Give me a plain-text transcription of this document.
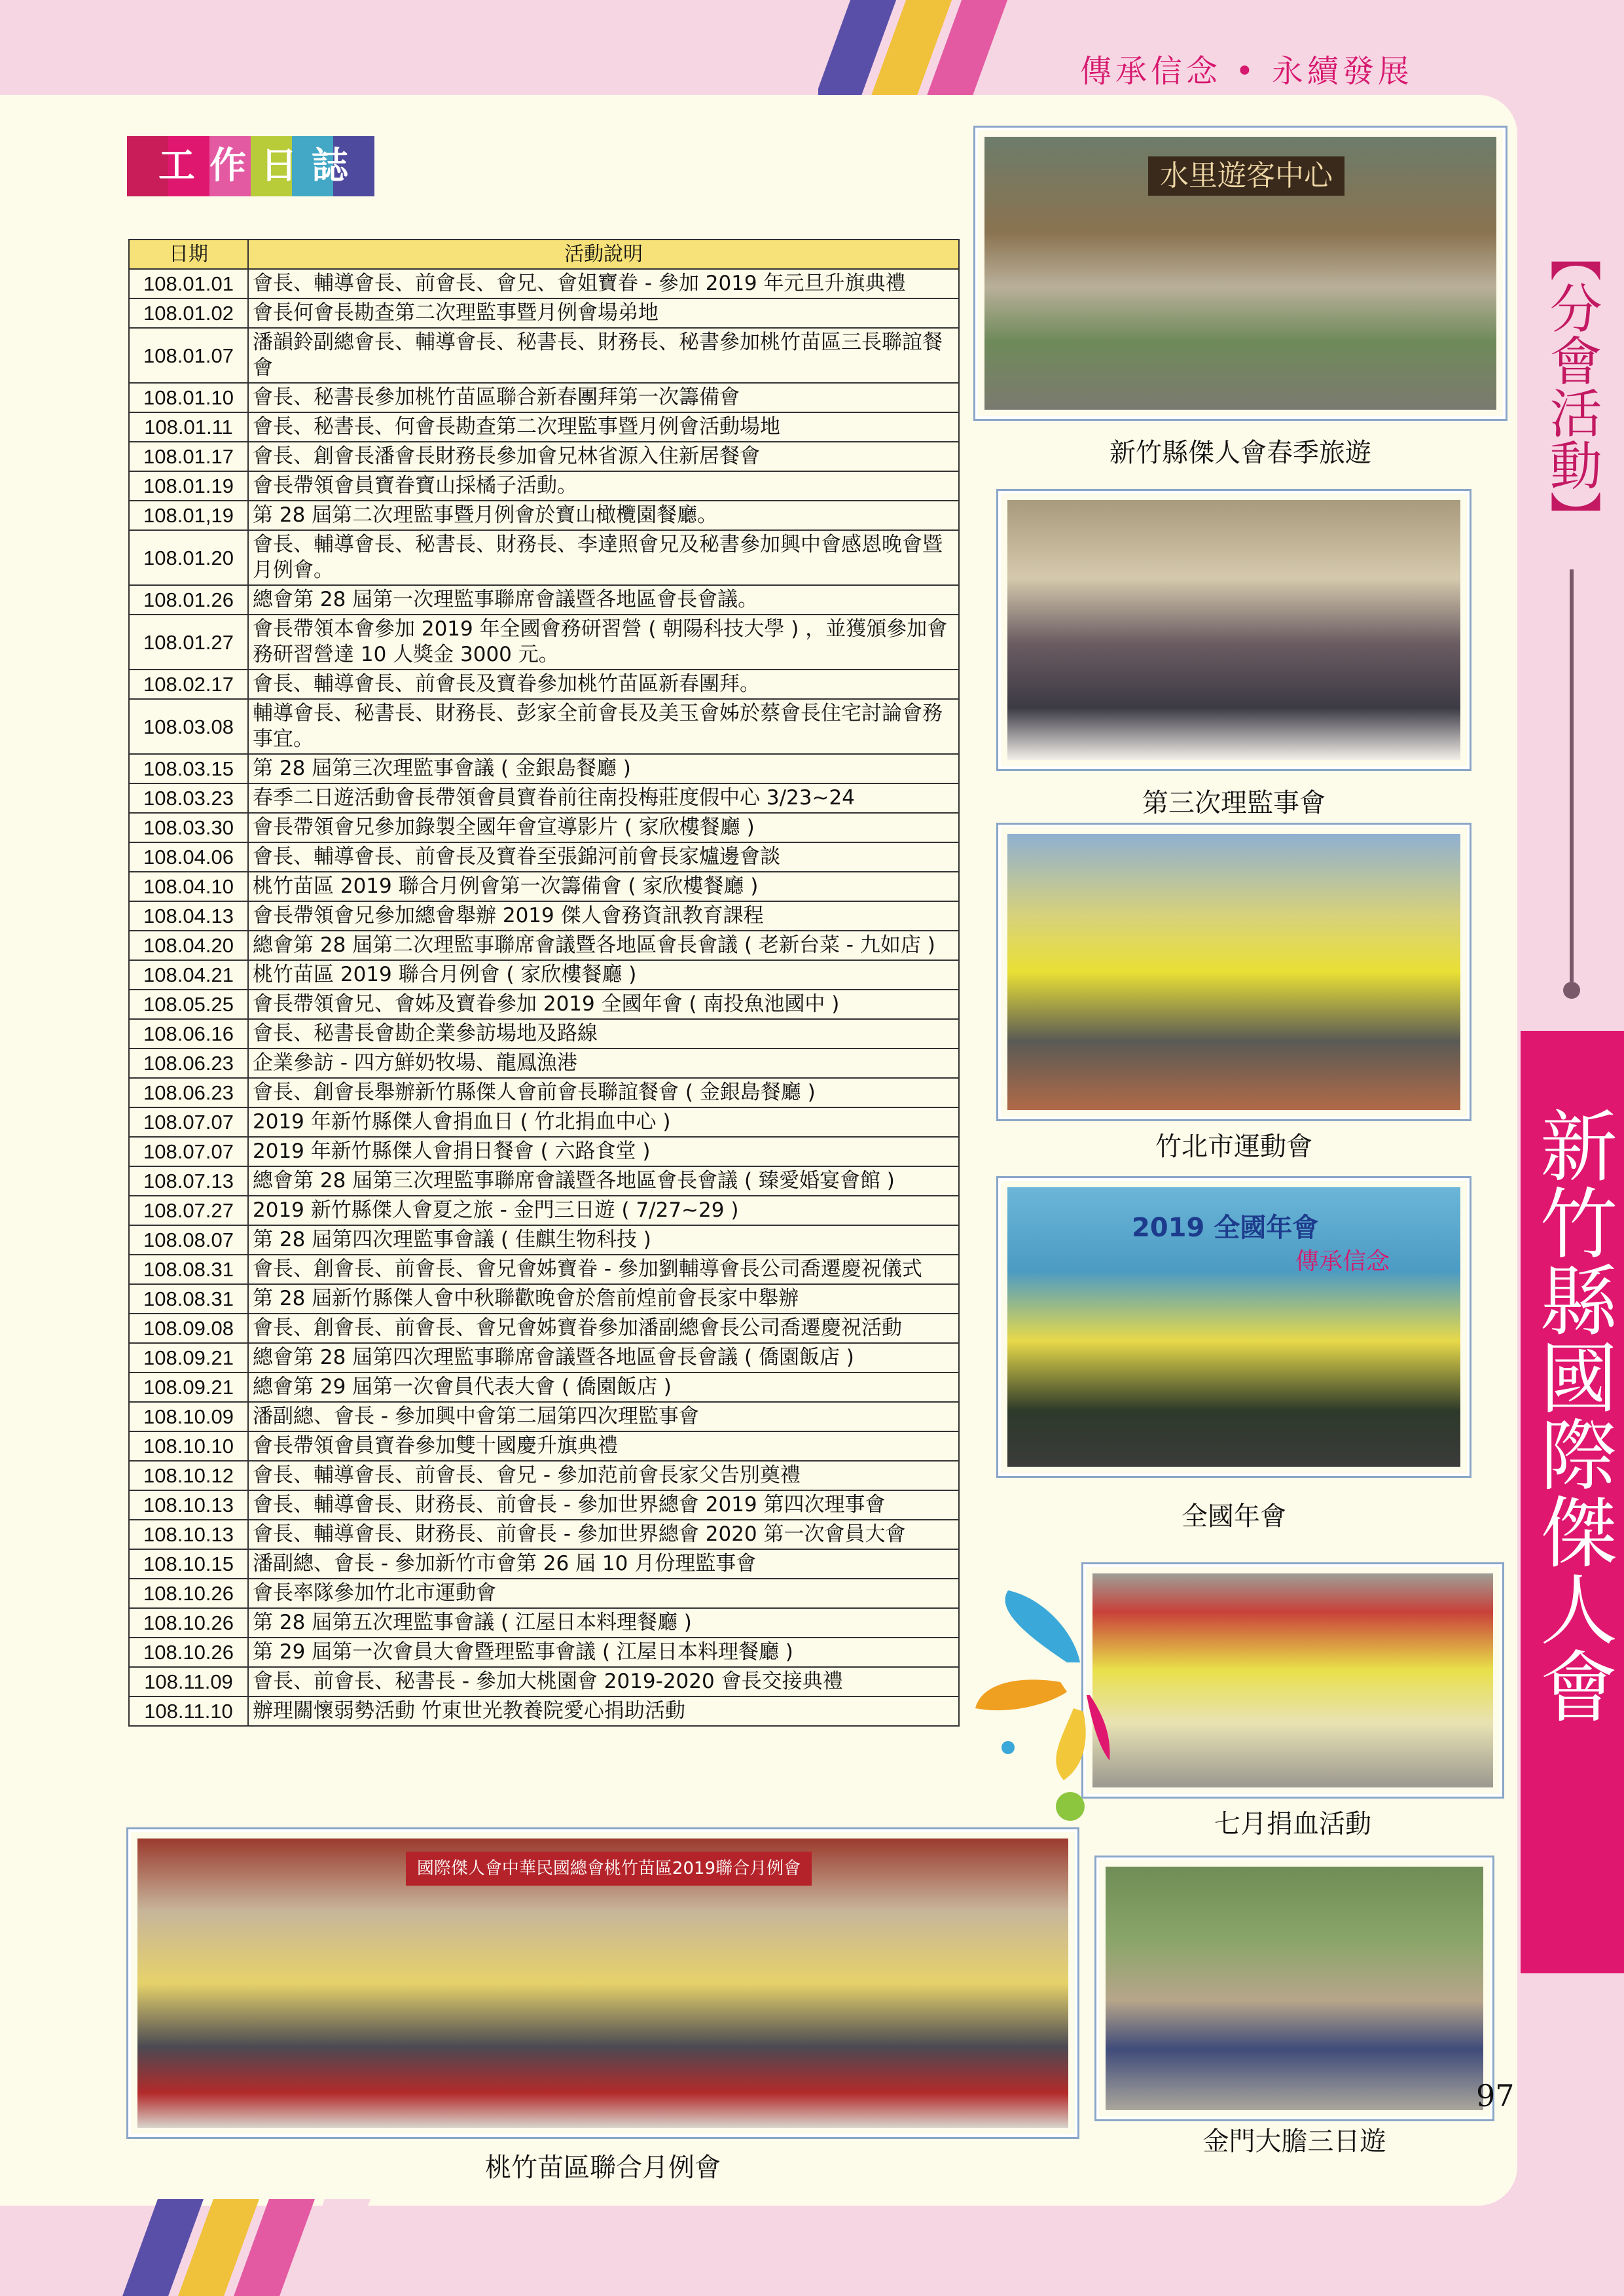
傳承信念 • 永續發展
工作日誌
日期	活動說明
108.01.01	會長、輔導會長、前會長、會兄、會姐寶眷 - 參加 2019 年元旦升旗典禮
108.01.02	會長何會長勘查第二次理監事暨月例會場弟地
108.01.07	潘韻鈴副總會長、輔導會長、秘書長、財務長、秘書參加桃竹苗區三長聯誼餐會
108.01.10	會長、秘書長參加桃竹苗區聯合新春團拜第一次籌備會
108.01.11	會長、秘書長、何會長勘查第二次理監事暨月例會活動場地
108.01.17	會長、創會長潘會長財務長參加會兄林省源入住新居餐會
108.01.19	會長帶領會員寶眷寶山採橘子活動。
108.01,19	第 28 屆第二次理監事暨月例會於寶山橄欖園餐廳。
108.01.20	會長、輔導會長、秘書長、財務長、李達照會兄及秘書參加興中會感恩晚會暨月例會。
108.01.26	總會第 28 屆第一次理監事聯席會議暨各地區會長會議。
108.01.27	會長帶領本會參加 2019 年全國會務研習營 ( 朝陽科技大學 ) ，並獲頒參加會務研習營達 10 人獎金 3000 元。
108.02.17	會長、輔導會長、前會長及寶眷參加桃竹苗區新春團拜。
108.03.08	輔導會長、秘書長、財務長、彭家全前會長及美玉會姊於蔡會長住宅討論會務事宜。
108.03.15	第 28 屆第三次理監事會議 ( 金銀島餐廳 )
108.03.23	春季二日遊活動會長帶領會員寶眷前往南投梅莊度假中心 3/23~24
108.03.30	會長帶領會兄參加錄製全國年會宣導影片 ( 家欣樓餐廳 )
108.04.06	會長、輔導會長、前會長及寶眷至張錦河前會長家爐邊會談
108.04.10	桃竹苗區 2019 聯合月例會第一次籌備會 ( 家欣樓餐廳 )
108.04.13	會長帶領會兄參加總會舉辦 2019 傑人會務資訊教育課程
108.04.20	總會第 28 屆第二次理監事聯席會議暨各地區會長會議 ( 老新台菜 - 九如店 )
108.04.21	桃竹苗區 2019 聯合月例會 ( 家欣樓餐廳 )
108.05.25	會長帶領會兄、會姊及寶眷參加 2019 全國年會 ( 南投魚池國中 )
108.06.16	會長、秘書長會勘企業參訪場地及路線
108.06.23	企業參訪 - 四方鮮奶牧場、龍鳳漁港
108.06.23	會長、創會長舉辦新竹縣傑人會前會長聯誼餐會 ( 金銀島餐廳 )
108.07.07	2019 年新竹縣傑人會捐血日 ( 竹北捐血中心 )
108.07.07	2019 年新竹縣傑人會捐日餐會 ( 六路食堂 )
108.07.13	總會第 28 屆第三次理監事聯席會議暨各地區會長會議 ( 臻愛婚宴會館 )
108.07.27	2019 新竹縣傑人會夏之旅 - 金門三日遊 ( 7/27~29 )
108.08.07	第 28 屆第四次理監事會議 ( 佳麒生物科技 )
108.08.31	會長、創會長、前會長、會兄會姊寶眷 - 參加劉輔導會長公司喬遷慶祝儀式
108.08.31	第 28 屆新竹縣傑人會中秋聯歡晚會於詹前煌前會長家中舉辦
108.09.08	會長、創會長、前會長、會兄會姊寶眷參加潘副總會長公司喬遷慶祝活動
108.09.21	總會第 28 屆第四次理監事聯席會議暨各地區會長會議 ( 僑園飯店 )
108.09.21	總會第 29 屆第一次會員代表大會 ( 僑園飯店 )
108.10.09	潘副總、會長 - 參加興中會第二屆第四次理監事會
108.10.10	會長帶領會員寶眷參加雙十國慶升旗典禮
108.10.12	會長、輔導會長、前會長、會兄 - 參加范前會長家父告別奠禮
108.10.13	會長、輔導會長、財務長、前會長 - 參加世界總會 2019 第四次理事會
108.10.13	會長、輔導會長、財務長、前會長 - 參加世界總會 2020 第一次會員大會
108.10.15	潘副總、會長 - 參加新竹市會第 26 屆 10 月份理監事會
108.10.26	會長率隊參加竹北市運動會
108.10.26	第 28 屆第五次理監事會議 ( 江屋日本料理餐廳 )
108.10.26	第 29 屆第一次會員大會暨理監事會議 ( 江屋日本料理餐廳 )
108.11.09	會長、前會長、秘書長 - 參加大桃園會 2019-2020 會長交接典禮
108.11.10	辦理關懷弱勢活動 竹東世光教養院愛心捐助活動
水里遊客中心
新竹縣傑人會春季旅遊
第三次理監事會
竹北市運動會
2019 全國年會
傳承信念
全國年會
七月捐血活動
金門大膽三日遊
國際傑人會中華民國總會桃竹苗區2019聯合月例會
桃竹苗區聯合月例會
【分會活動】
新竹縣國際傑人會
97
